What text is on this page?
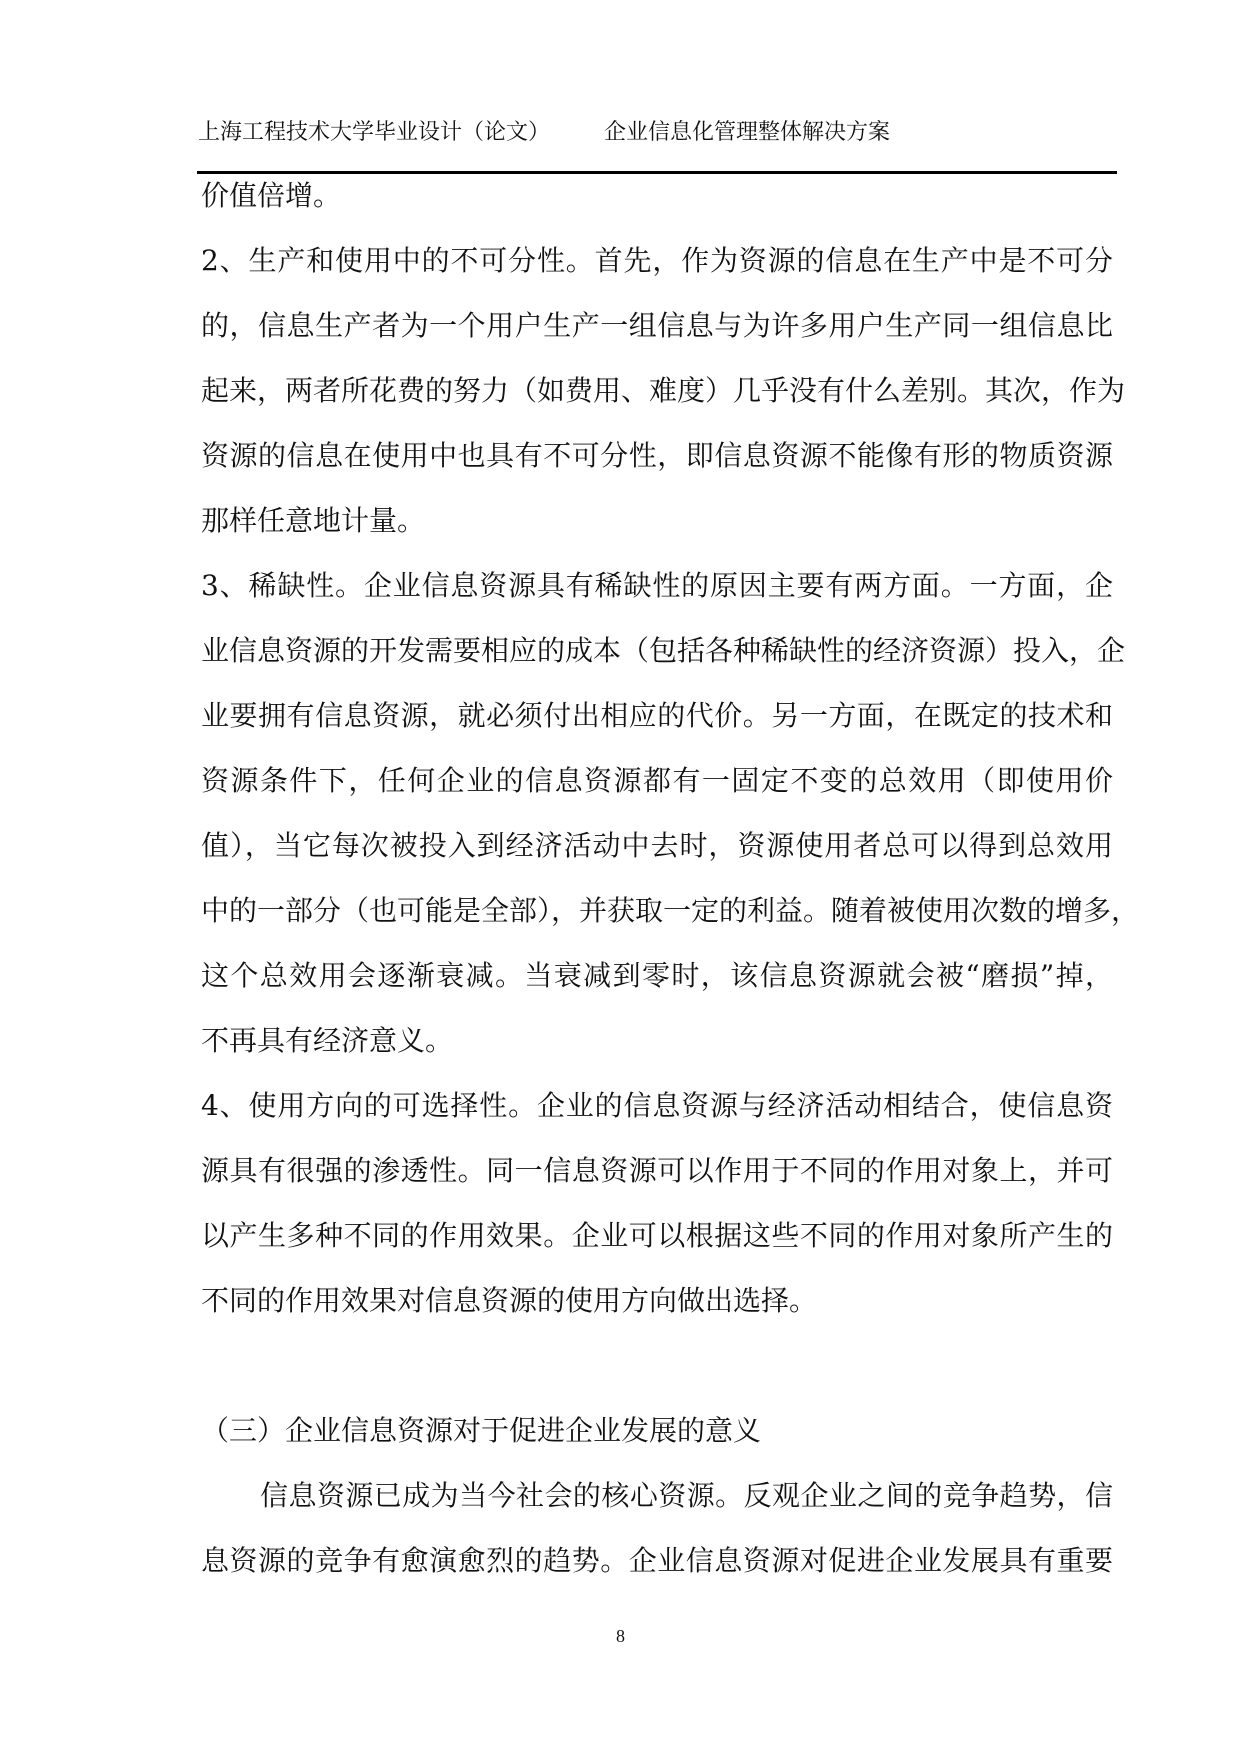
上海工程技术大学毕业设计（论文） 企业信息化管理整体解决方案
价值倍增。
2、生产和使用中的不可分性。首先，作为资源的信息在生产中是不可分
的，信息生产者为一个用户生产一组信息与为许多用户生产同一组信息比
起来，两者所花费的努力（如费用、难度）几乎没有什么差别。其次，作为
资源的信息在使用中也具有不可分性，即信息资源不能像有形的物质资源
那样任意地计量。
3、稀缺性。企业信息资源具有稀缺性的原因主要有两方面。一方面，企
业信息资源的开发需要相应的成本（包括各种稀缺性的经济资源）投入，企
业要拥有信息资源，就必须付出相应的代价。另一方面，在既定的技术和
资源条件下，任何企业的信息资源都有一固定不变的总效用（即使用价
值），当它每次被投入到经济活动中去时，资源使用者总可以得到总效用
中的一部分（也可能是全部），并获取一定的利益。随着被使用次数的增多，
这个总效用会逐渐衰减。当衰减到零时，该信息资源就会被“磨损”掉，
不再具有经济意义。
4、使用方向的可选择性。企业的信息资源与经济活动相结合，使信息资
源具有很强的渗透性。同一信息资源可以作用于不同的作用对象上，并可
以产生多种不同的作用效果。企业可以根据这些不同的作用对象所产生的
不同的作用效果对信息资源的使用方向做出选择。
（三）企业信息资源对于促进企业发展的意义
信息资源已成为当今社会的核心资源。反观企业之间的竞争趋势，信
息资源的竞争有愈演愈烈的趋势。企业信息资源对促进企业发展具有重要
8
